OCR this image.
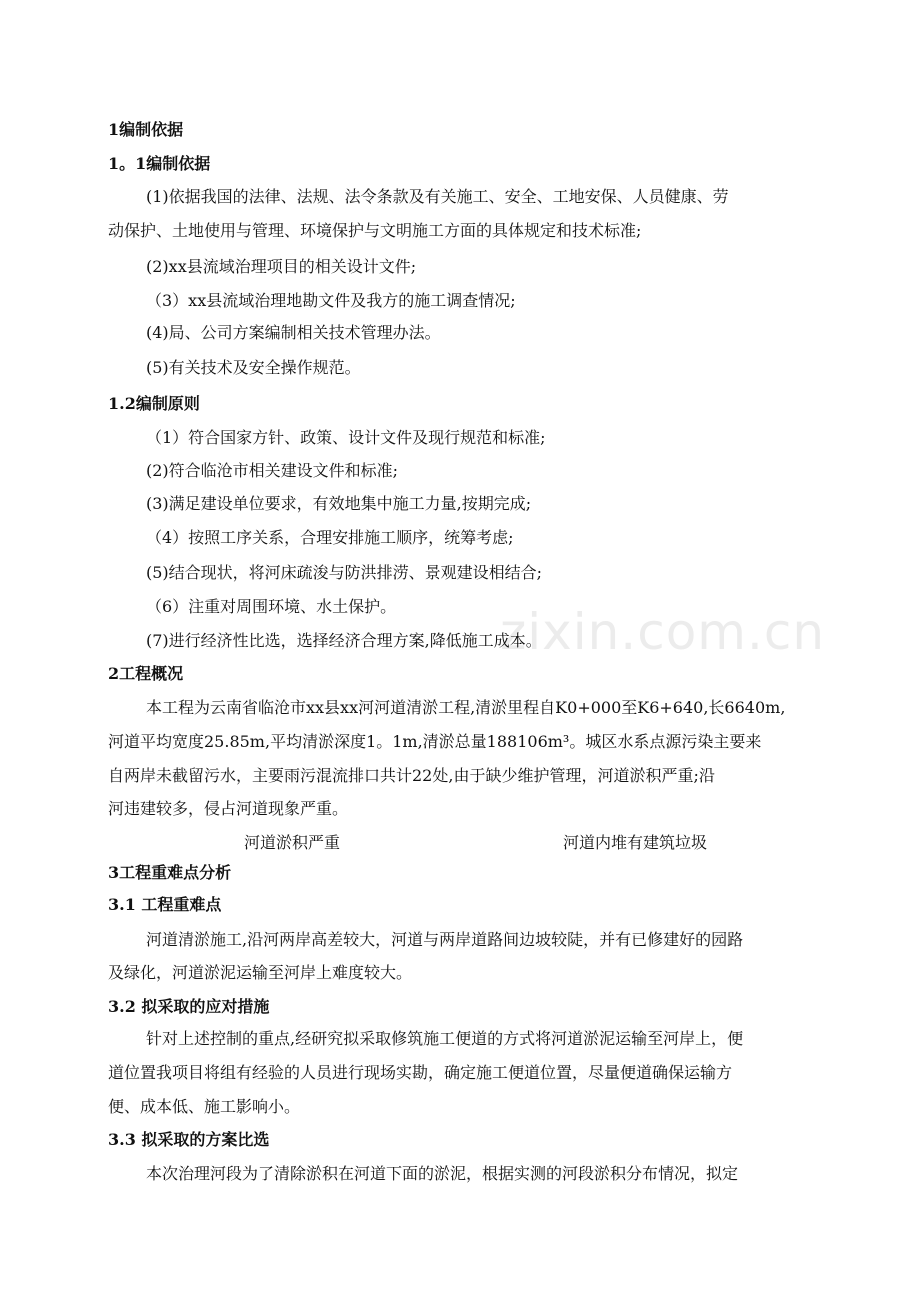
zixin.com.cn
1编制依据
1。1编制依据
(1)依据我国的法律、法规、法令条款及有关施工、安全、工地安保、人员健康、劳
动保护、土地使用与管理、环境保护与文明施工方面的具体规定和技术标准;
(2)xx县流域治理项目的相关设计文件;
（3）xx县流域治理地勘文件及我方的施工调查情况;
(4)局、公司方案编制相关技术管理办法。
(5)有关技术及安全操作规范。
1.2编制原则
（1）符合国家方针、政策、设计文件及现行规范和标准;
(2)符合临沧市相关建设文件和标准;
(3)满足建设单位要求，有效地集中施工力量,按期完成;
（4）按照工序关系，合理安排施工顺序，统筹考虑;
(5)结合现状，将河床疏浚与防洪排涝、景观建设相结合;
（6）注重对周围环境、水土保护。
(7)进行经济性比选，选择经济合理方案,降低施工成本。
2工程概况
本工程为云南省临沧市xx县xx河河道清淤工程,清淤里程自K0+000至K6+640,长6640m,
河道平均宽度25.85m,平均清淤深度1。1m,清淤总量188106m³。城区水系点源污染主要来
自两岸未截留污水，主要雨污混流排口共计22处,由于缺少维护管理，河道淤积严重;沿
河违建较多，侵占河道现象严重。
河道淤积严重	河道内堆有建筑垃圾
3工程重难点分析
3.1 工程重难点
河道清淤施工,沿河两岸高差较大，河道与两岸道路间边坡较陡，并有已修建好的园路
及绿化，河道淤泥运输至河岸上难度较大。
3.2 拟采取的应对措施
针对上述控制的重点,经研究拟采取修筑施工便道的方式将河道淤泥运输至河岸上，便
道位置我项目将组有经验的人员进行现场实勘，确定施工便道位置，尽量便道确保运输方
便、成本低、施工影响小。
3.3 拟采取的方案比选
本次治理河段为了清除淤积在河道下面的淤泥，根据实测的河段淤积分布情况，拟定
